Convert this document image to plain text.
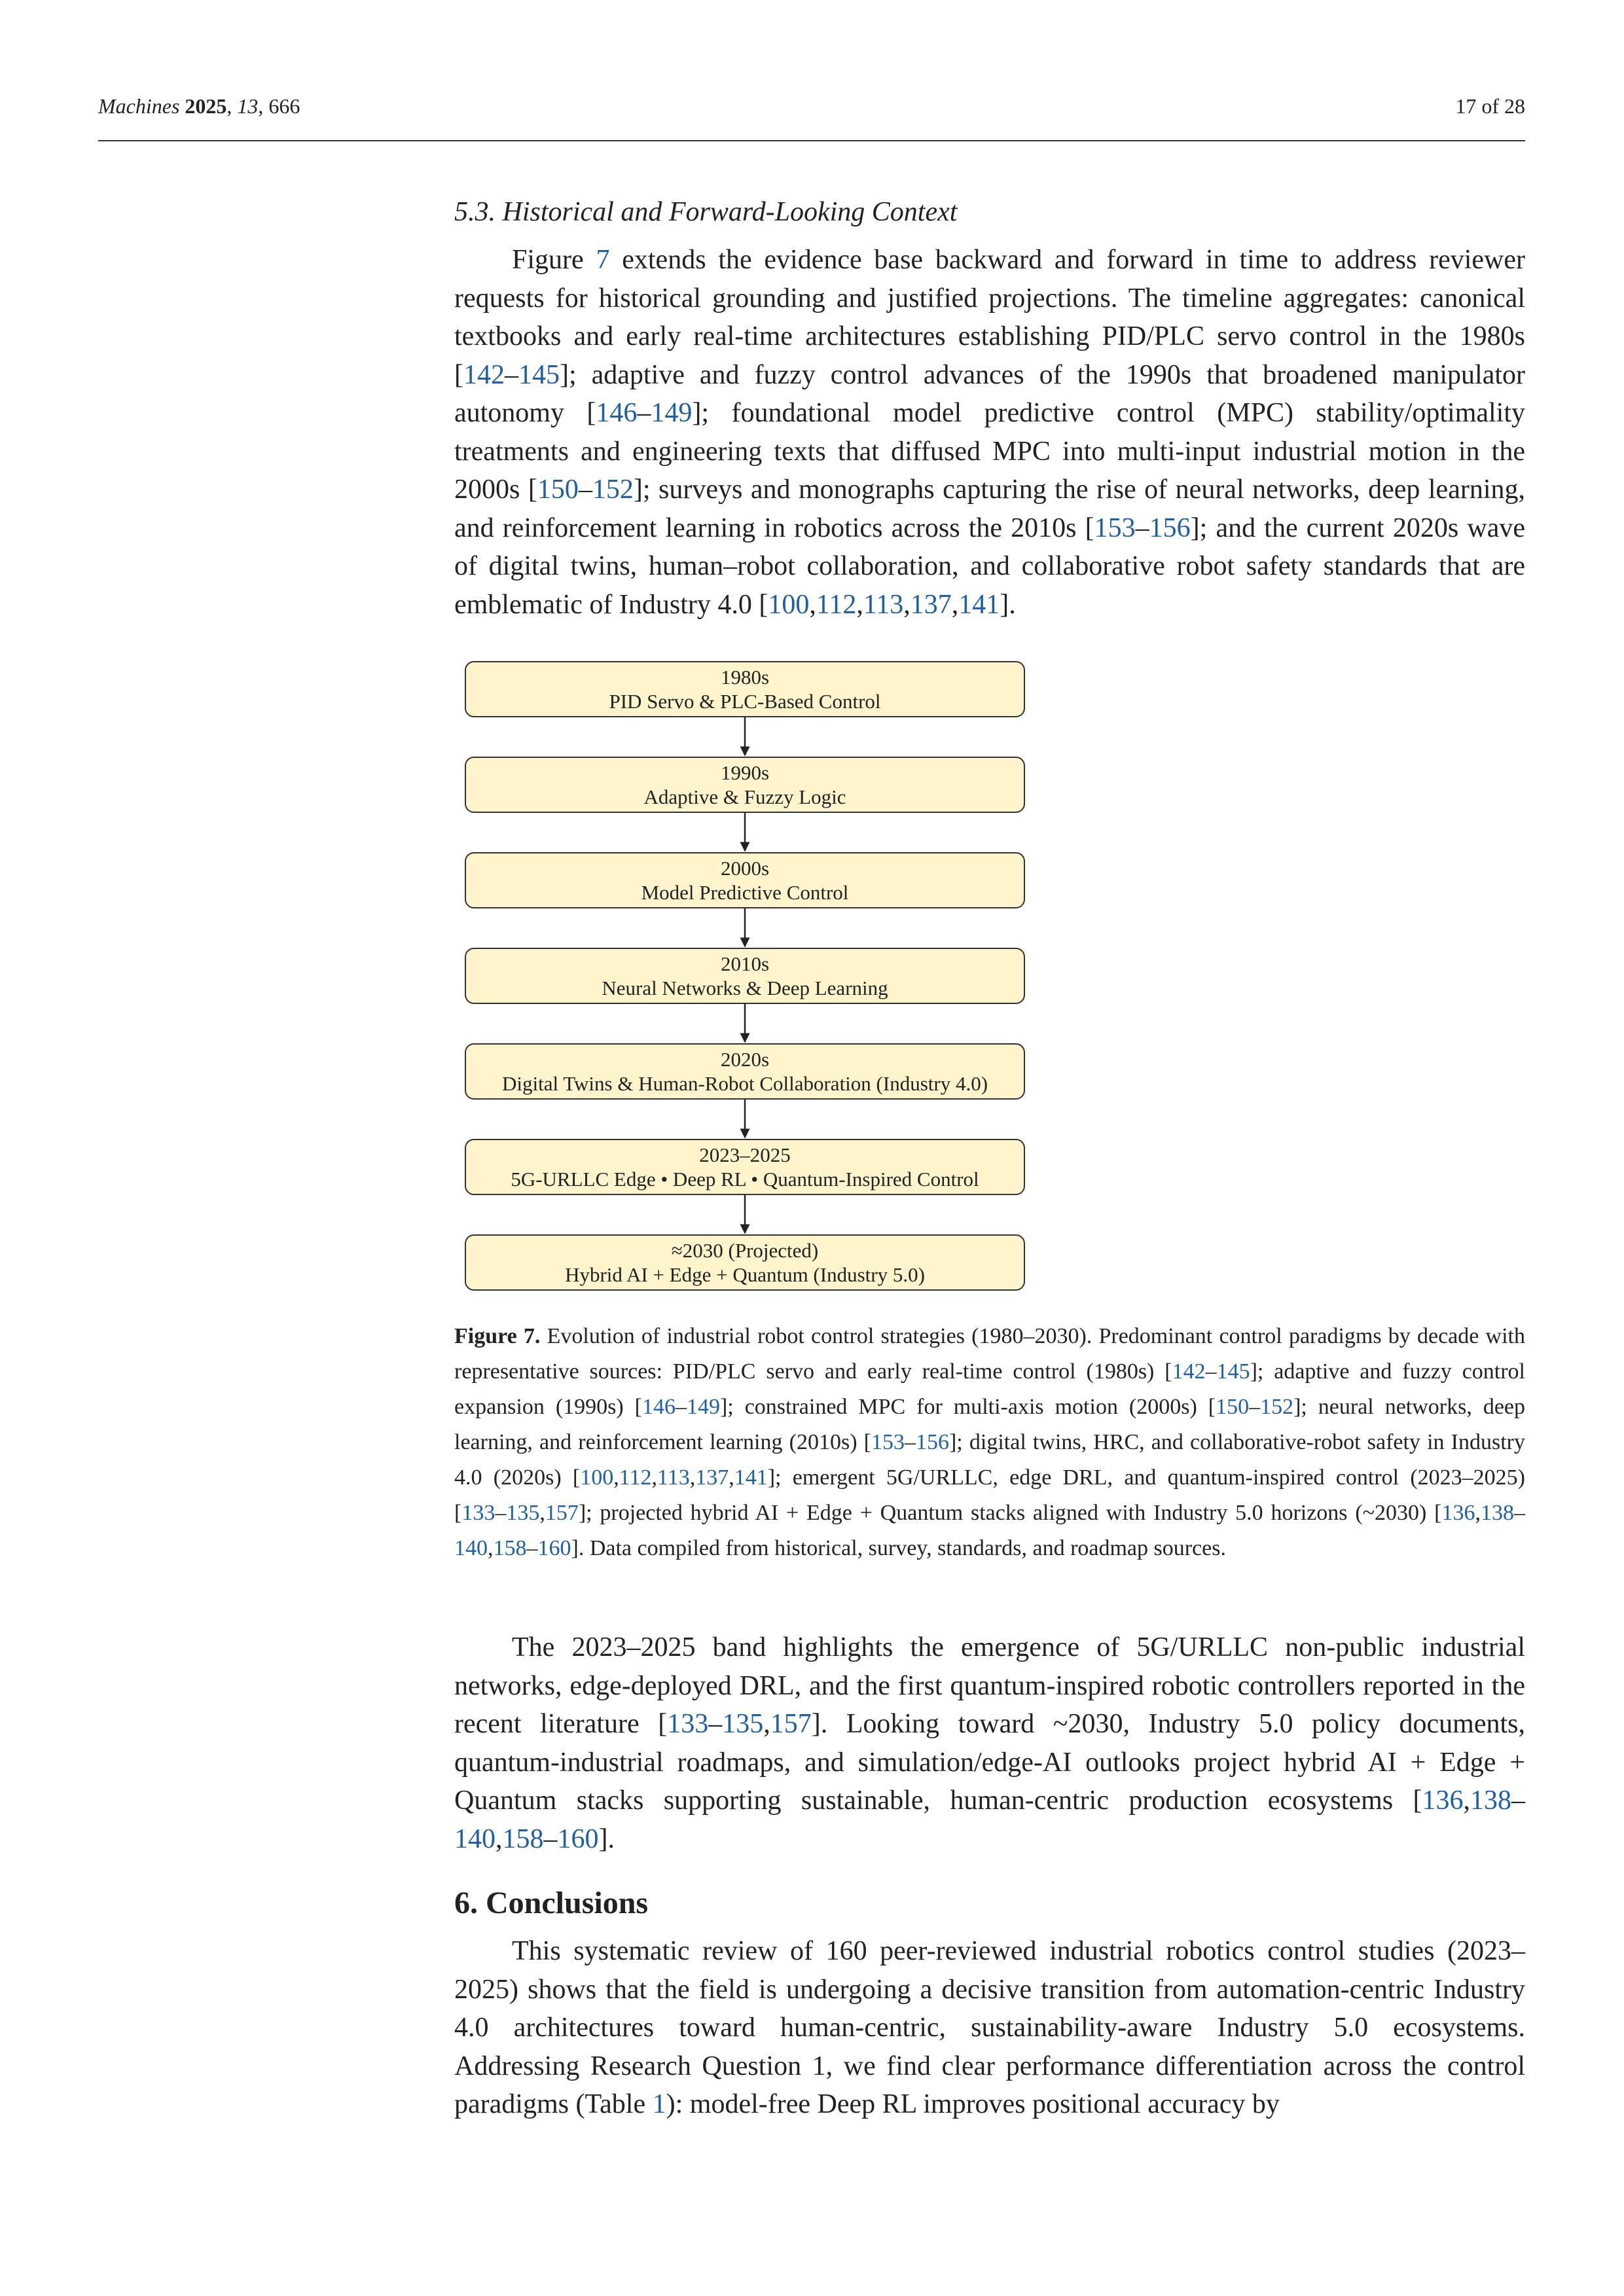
Machines 2025, 13, 666	17 of 28
5.3. Historical and Forward-Looking Context

Figure 7 extends the evidence base backward and forward in time to address reviewer requests for historical grounding and justified projections. The timeline aggregates: canonical textbooks and early real-time architectures establishing PID/PLC servo control in the 1980s [142–145]; adaptive and fuzzy control advances of the 1990s that broadened manipulator autonomy [146–149]; foundational model predictive control (MPC) stability/optimality treatments and engineering texts that diffused MPC into multi-input industrial motion in the 2000s [150–152]; surveys and monographs capturing the rise of neural networks, deep learning, and reinforcement learning in robotics across the 2010s [153–156]; and the current 2020s wave of digital twins, human–robot collaboration, and collaborative robot safety standards that are emblematic of Industry 4.0 [100,112,113,137,141].

1980s
PID Servo & PLC-Based Control
1990s
Adaptive & Fuzzy Logic
2000s
Model Predictive Control
2010s
Neural Networks & Deep Learning
2020s
Digital Twins & Human-Robot Collaboration (Industry 4.0)
2023–2025
5G-URLLC Edge • Deep RL • Quantum-Inspired Control
≈2030 (Projected)
Hybrid AI + Edge + Quantum (Industry 5.0)

Figure 7. Evolution of industrial robot control strategies (1980–2030). Predominant control paradigms by decade with representative sources: PID/PLC servo and early real-time control (1980s) [142–145]; adaptive and fuzzy control expansion (1990s) [146–149]; constrained MPC for multi-axis motion (2000s) [150–152]; neural networks, deep learning, and reinforcement learning (2010s) [153–156]; digital twins, HRC, and collaborative-robot safety in Industry 4.0 (2020s) [100,112,113,137,141]; emergent 5G/URLLC, edge DRL, and quantum-inspired control (2023–2025) [133–135,157]; projected hybrid AI + Edge + Quantum stacks aligned with Industry 5.0 horizons (~2030) [136,138–140,158–160]. Data compiled from historical, survey, standards, and roadmap sources.

The 2023–2025 band highlights the emergence of 5G/URLLC non-public industrial networks, edge-deployed DRL, and the first quantum-inspired robotic controllers reported in the recent literature [133–135,157]. Looking toward ~2030, Industry 5.0 policy documents, quantum-industrial roadmaps, and simulation/edge-AI outlooks project hybrid AI + Edge + Quantum stacks supporting sustainable, human-centric production ecosystems [136,138–140,158–160].

6. Conclusions

This systematic review of 160 peer-reviewed industrial robotics control studies (2023–2025) shows that the field is undergoing a decisive transition from automation-centric Industry 4.0 architectures toward human-centric, sustainability-aware Industry 5.0 ecosystems. Addressing Research Question 1, we find clear performance differentiation across the control paradigms (Table 1): model-free Deep RL improves positional accuracy by
